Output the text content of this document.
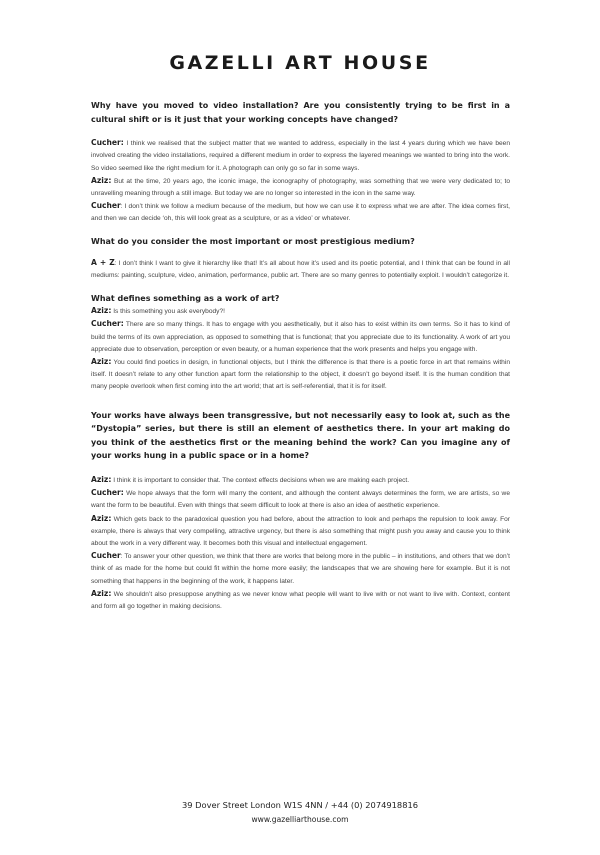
GAZELLI ART HOUSE

Why have you moved to video installation? Are you consistently trying to be first in a cultural shift or is it just that your working concepts have changed?

Cucher: I think we realised that the subject matter that we wanted to address, especially in the last 4 years during which we have been involved creating the video installations, required a different medium in order to express the layered meanings we wanted to bring into the work. So video seemed like the right medium for it. A photograph can only go so far in some ways.

Aziz: But at the time, 20 years ago, the iconic image, the iconography of photography, was something that we were very dedicated to; to unravelling meaning through a still image. But today we are no longer so interested in the icon in the same way.

Cucher: I don’t think we follow a medium because of the medium, but how we can use it to express what we are after. The idea comes first, and then we can decide ‘oh, this will look great as a sculpture, or as a video’ or whatever.

What do you consider the most important or most prestigious medium?

A + Z: I don’t think I want to give it hierarchy like that! It’s all about how it’s used and its poetic potential, and I think that can be found in all mediums: painting, sculpture, video, animation, performance, public art. There are so many genres to potentially exploit. I wouldn’t categorize it.

What defines something as a work of art?

Aziz: Is this something you ask everybody?!

Cucher: There are so many things. It has to engage with you aesthetically, but it also has to exist within its own terms. So it has to kind of build the terms of its own appreciation, as opposed to something that is functional; that you appreciate due to its functionality. A work of art you appreciate due to observation, perception or even beauty, or a human experience that the work presents and helps you engage with.

Aziz: You could find poetics in design, in functional objects, but I think the difference is that there is a poetic force in art that remains within itself. It doesn’t relate to any other function apart form the relationship to the object, it doesn’t go beyond itself. It is the human condition that many people overlook when first coming into the art world; that art is self-referential, that it is for itself.

Your works have always been transgressive, but not necessarily easy to look at, such as the “Dystopia” series, but there is still an element of aesthetics there. In your art making do you think of the aesthetics first or the meaning behind the work? Can you imagine any of your works hung in a public space or in a home?

Aziz: I think it is important to consider that. The context effects decisions when we are making each project.

Cucher: We hope always that the form will marry the content, and although the content always determines the form, we are artists, so we want the form to be beautiful. Even with things that seem difficult to look at there is also an idea of aesthetic experience.

Aziz: Which gets back to the paradoxical question you had before, about the attraction to look and perhaps the repulsion to look away. For example, there is always that very compelling, attractive urgency, but there is also something that might push you away and cause you to think about the work in a very different way. It becomes both this visual and intellectual engagement.

Cucher: To answer your other question, we think that there are works that belong more in the public – in institutions, and others that we don’t think of as made for the home but could fit within the home more easily; the landscapes that we are showing here for example. But it is not something that happens in the beginning of the work, it happens later.

Aziz: We shouldn’t also presuppose anything as we never know what people will want to live with or not want to live with. Context, content and form all go together in making decisions.

39 Dover Street London W1S 4NN / +44 (0) 2074918816
www.gazelliarthouse.com
